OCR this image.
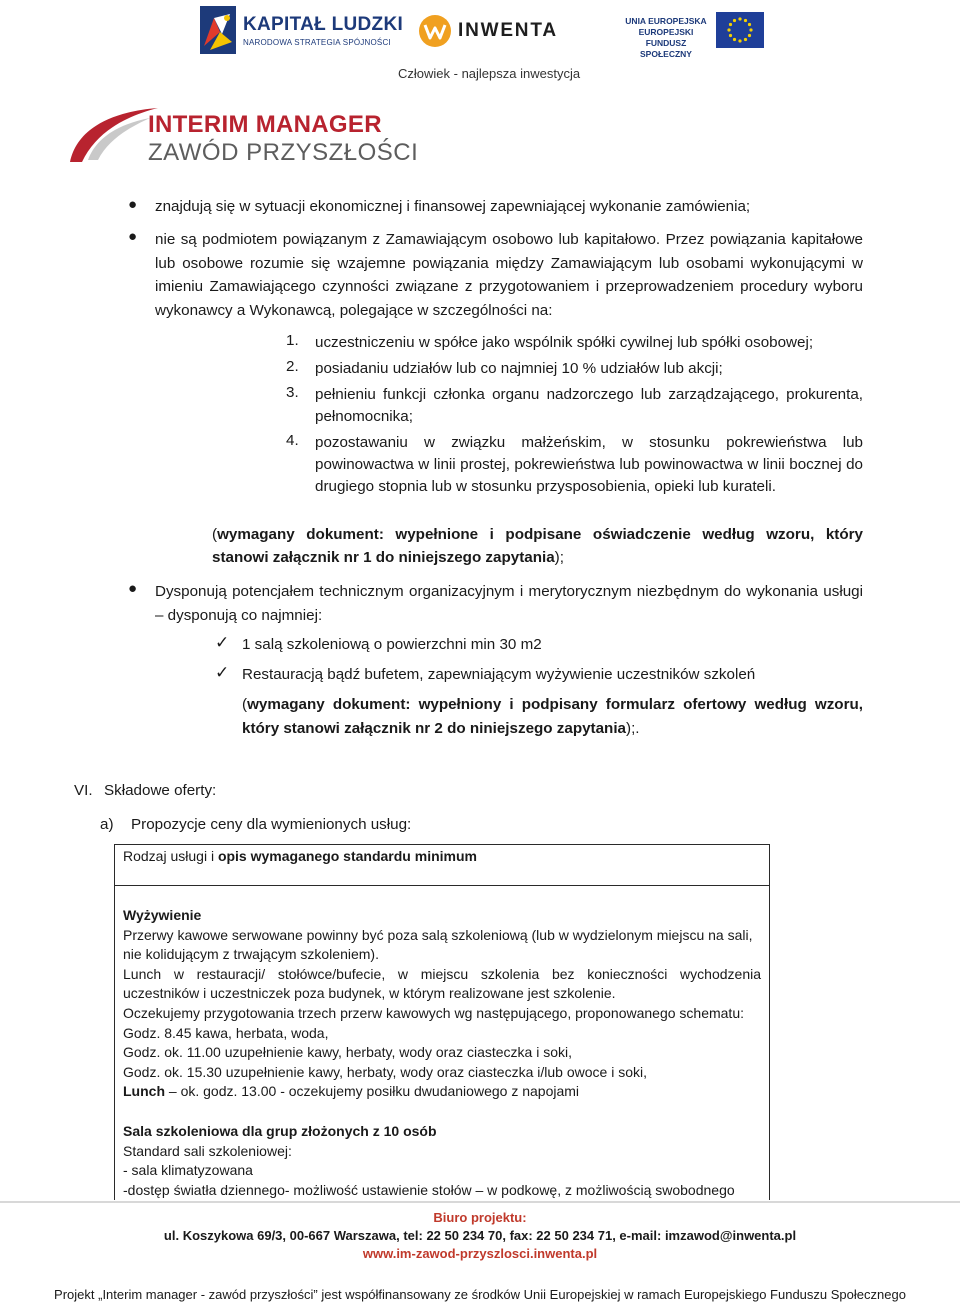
KAPITAŁ LUDZKI
NARODOWA STRATEGIA SPÓJNOŚCI
INWENTA	UNIA EUROPEJSKA
EUROPEJSKI
FUNDUSZ SPOŁECZNY
Człowiek - najlepsza inwestycja
INTERIM MANAGER
ZAWÓD PRZYSZŁOŚCI
● znajdują się w sytuacji ekonomicznej i finansowej zapewniającej wykonanie zamówienia;
● nie są podmiotem powiązanym z Zamawiającym osobowo lub kapitałowo. Przez powiązania kapitałowe lub osobowe rozumie się wzajemne powiązania między Zamawiającym lub osobami wykonującymi w imieniu Zamawiającego czynności związane z przygotowaniem i przeprowadzeniem procedury wyboru wykonawcy a Wykonawcą, polegające w szczególności na:
1. uczestniczeniu w spółce jako wspólnik spółki cywilnej lub spółki osobowej;
2. posiadaniu udziałów lub co najmniej 10 % udziałów lub akcji;
3. pełnieniu funkcji członka organu nadzorczego lub zarządzającego, prokurenta, pełnomocnika;
4. pozostawaniu w związku małżeńskim, w stosunku pokrewieństwa lub powinowactwa w linii prostej, pokrewieństwa lub powinowactwa w linii bocznej do drugiego stopnia lub w stosunku przysposobienia, opieki lub kurateli.
(wymagany dokument: wypełnione i podpisane oświadczenie według wzoru, który stanowi załącznik nr 1 do niniejszego zapytania);
● Dysponują potencjałem technicznym organizacyjnym i merytorycznym niezbędnym do wykonania usługi – dysponują co najmniej:
✓ 1 salą szkoleniową o powierzchni min 30 m2
✓ Restauracją bądź bufetem, zapewniającym wyżywienie uczestników szkoleń
(wymagany dokument: wypełniony i podpisany formularz ofertowy według wzoru, który stanowi załącznik nr 2 do niniejszego zapytania);.
VI. Składowe oferty:
a) Propozycje ceny dla wymienionych usług:
Rodzaj usługi i opis wymaganego standardu minimum
Wyżywienie
Przerwy kawowe serwowane powinny być poza salą szkoleniową (lub w wydzielonym miejscu na sali, nie kolidującym z trwającym szkoleniem).
Lunch w restauracji/ stołówce/bufecie, w miejscu szkolenia bez konieczności wychodzenia uczestników i uczestniczek poza budynek, w którym realizowane jest szkolenie.
Oczekujemy przygotowania trzech przerw kawowych wg następującego, proponowanego schematu:
Godz. 8.45 kawa, herbata, woda,
Godz. ok. 11.00 uzupełnienie kawy, herbaty, wody oraz ciasteczka i soki,
Godz. ok. 15.30 uzupełnienie kawy, herbaty, wody oraz ciasteczka i/lub owoce i soki,
Lunch – ok. godz. 13.00 - oczekujemy posiłku dwudaniowego z napojami
Sala szkoleniowa dla grup złożonych z 10 osób
Standard sali szkoleniowej:
- sala klimatyzowana
-dostęp światła dziennego- możliwość ustawienie stołów – w podkowę, z możliwością swobodnego
Biuro projektu:
ul. Koszykowa 69/3, 00-667 Warszawa, tel: 22 50 234 70, fax: 22 50 234 71, e-mail: imzawod@inwenta.pl
www.im-zawod-przyszlosci.inwenta.pl
Projekt „Interim manager - zawód przyszłości” jest współfinansowany ze środków Unii Europejskiej w ramach Europejskiego Funduszu Społecznego
